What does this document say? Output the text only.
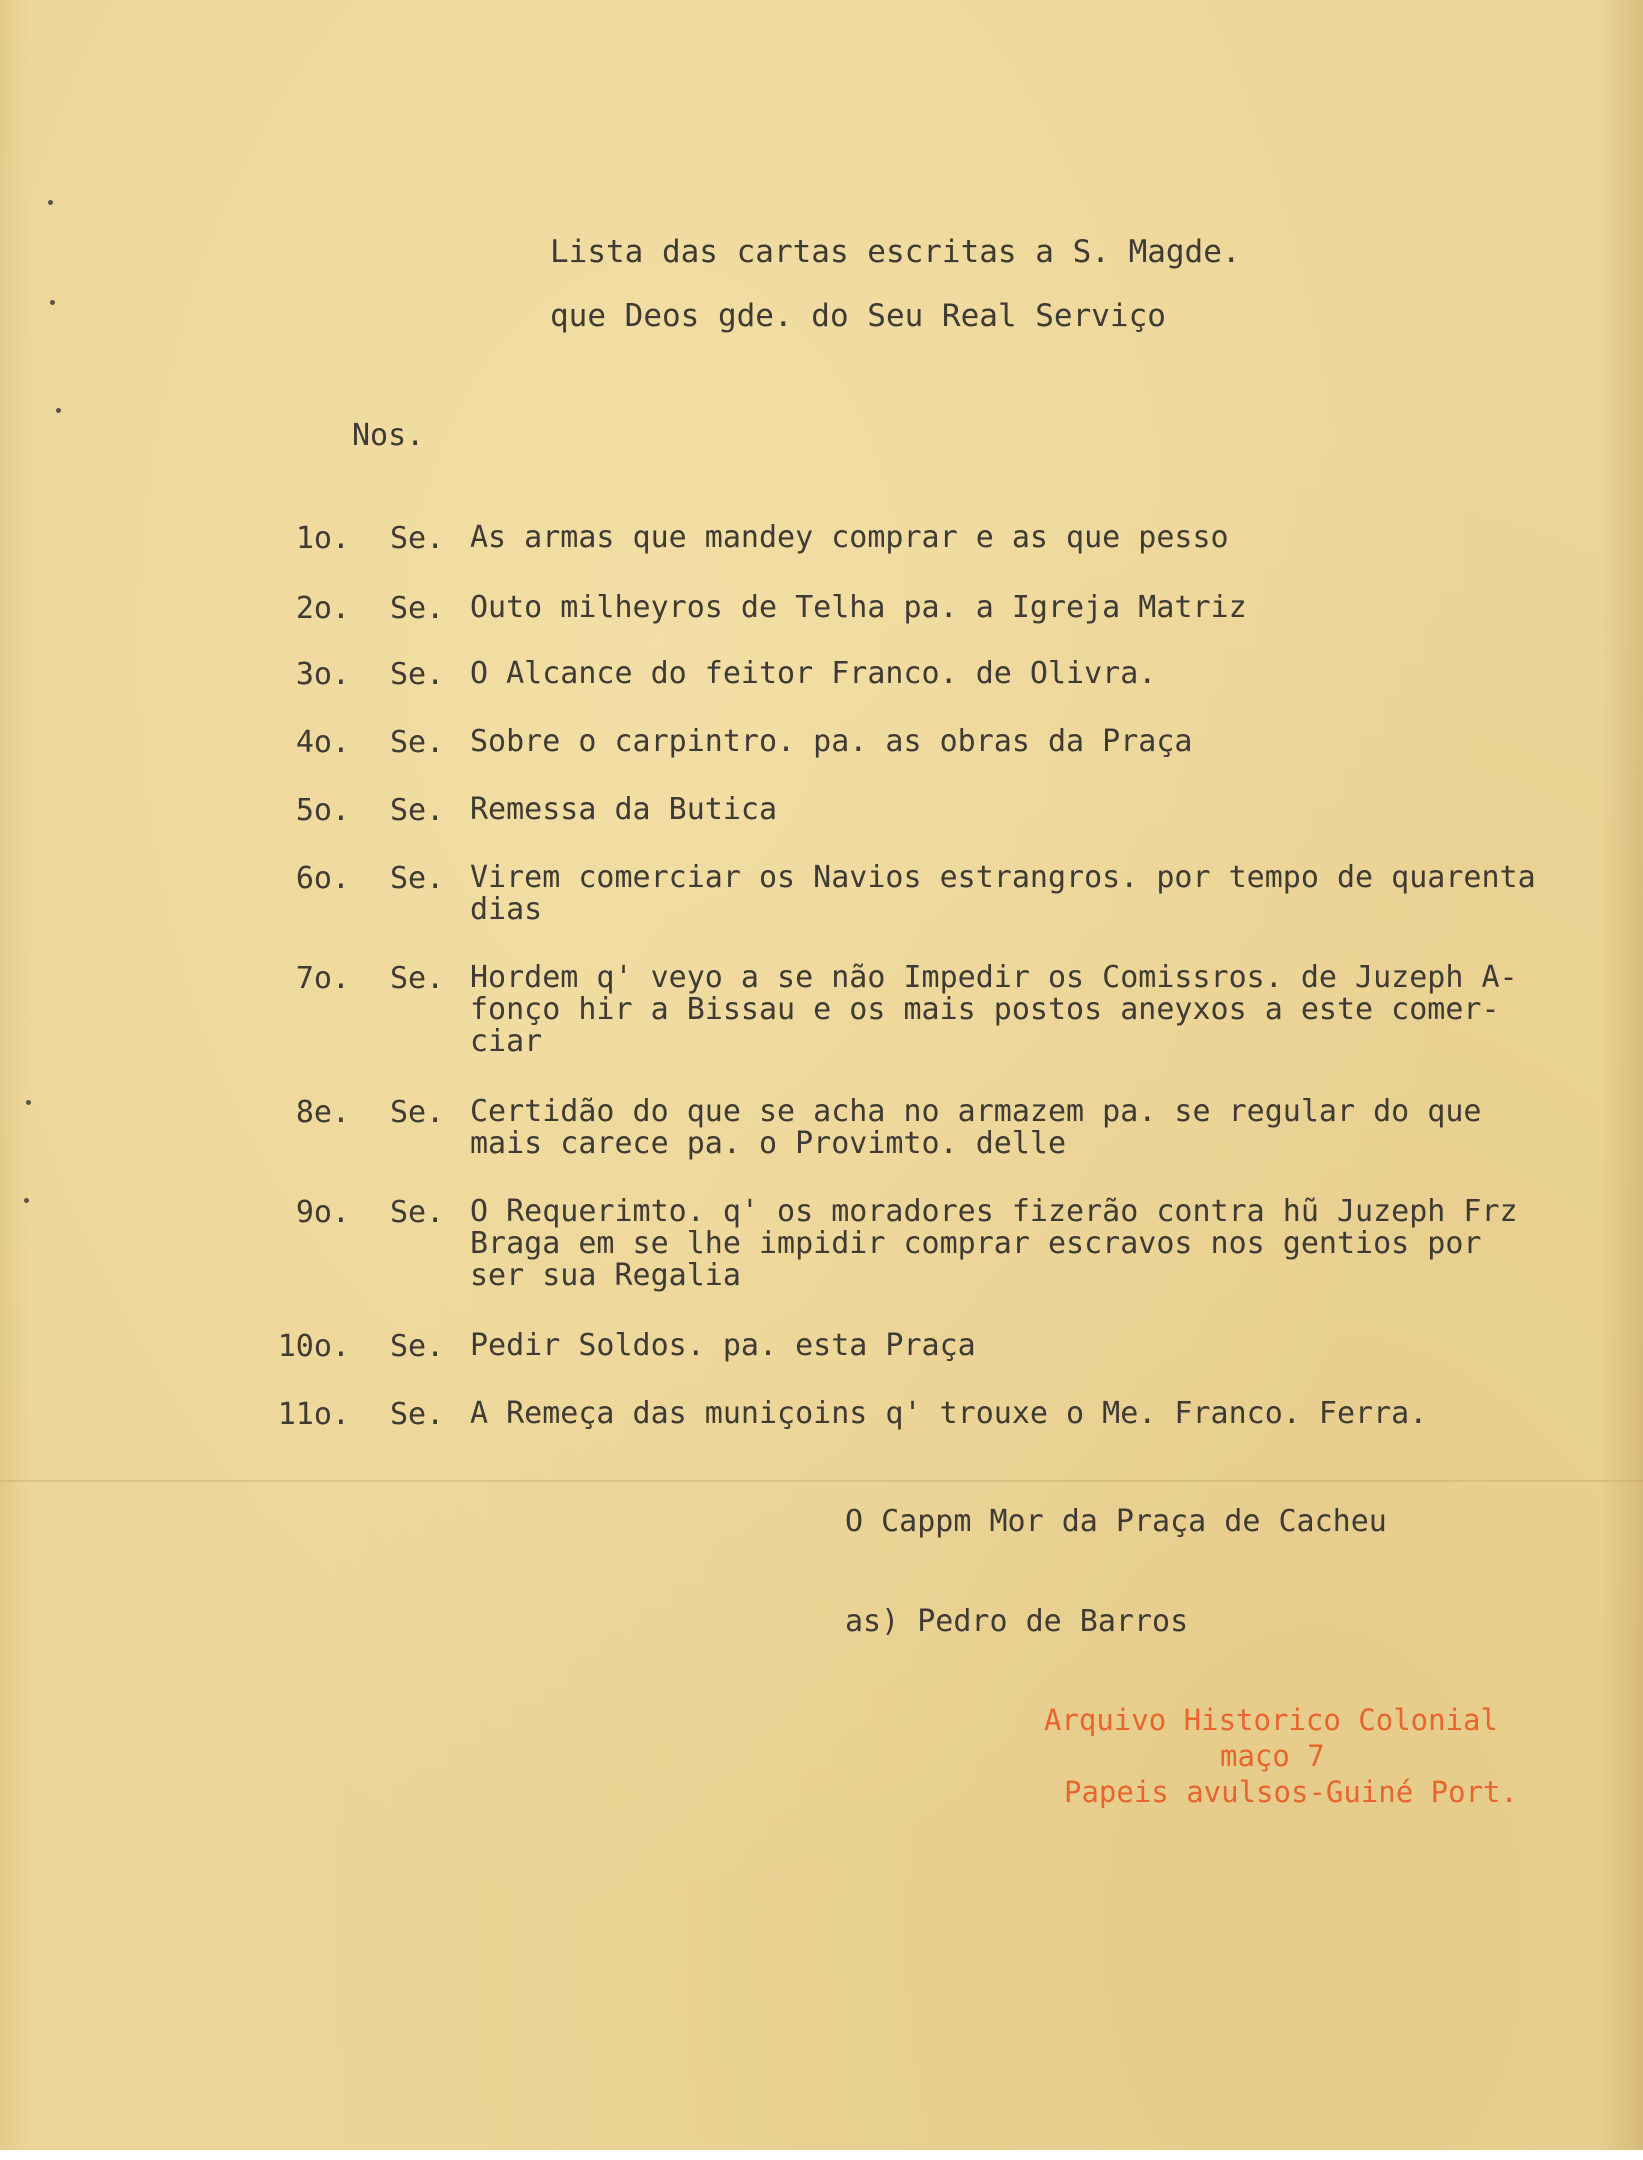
Lista das cartas escritas a S. Magde.
que Deos gde. do Seu Real Serviço
Nos.
1o. Se. As armas que mandey comprar e as que pesso
2o. Se. Outo milheyros de Telha pa. a Igreja Matriz
3o. Se. O Alcance do feitor Franco. de Olivra.
4o. Se. Sobre o carpintro. pa. as obras da Praça
5o. Se. Remessa da Butica
6o. Se. Virem comerciar os Navios estrangros. por tempo de quarenta
dias
7o. Se. Hordem q' veyo a se não Impedir os Comissros. de Juzeph A-
fonço hir a Bissau e os mais postos aneyxos a este comer-
ciar
8e. Se. Certidão do que se acha no armazem pa. se regular do que
mais carece pa. o Provimto. delle
9o. Se. O Requerimto. q' os moradores fizerão contra hũ Juzeph Frz
Braga em se lhe impidir comprar escravos nos gentios por
ser sua Regalia
10o. Se. Pedir Soldos. pa. esta Praça
11o. Se. A Remeça das muniçoins q' trouxe o Me. Franco. Ferra.
O Cappm Mor da Praça de Cacheu
as) Pedro de Barros
Arquivo Historico Colonial
maço 7
Papeis avulsos-Guiné Port.
